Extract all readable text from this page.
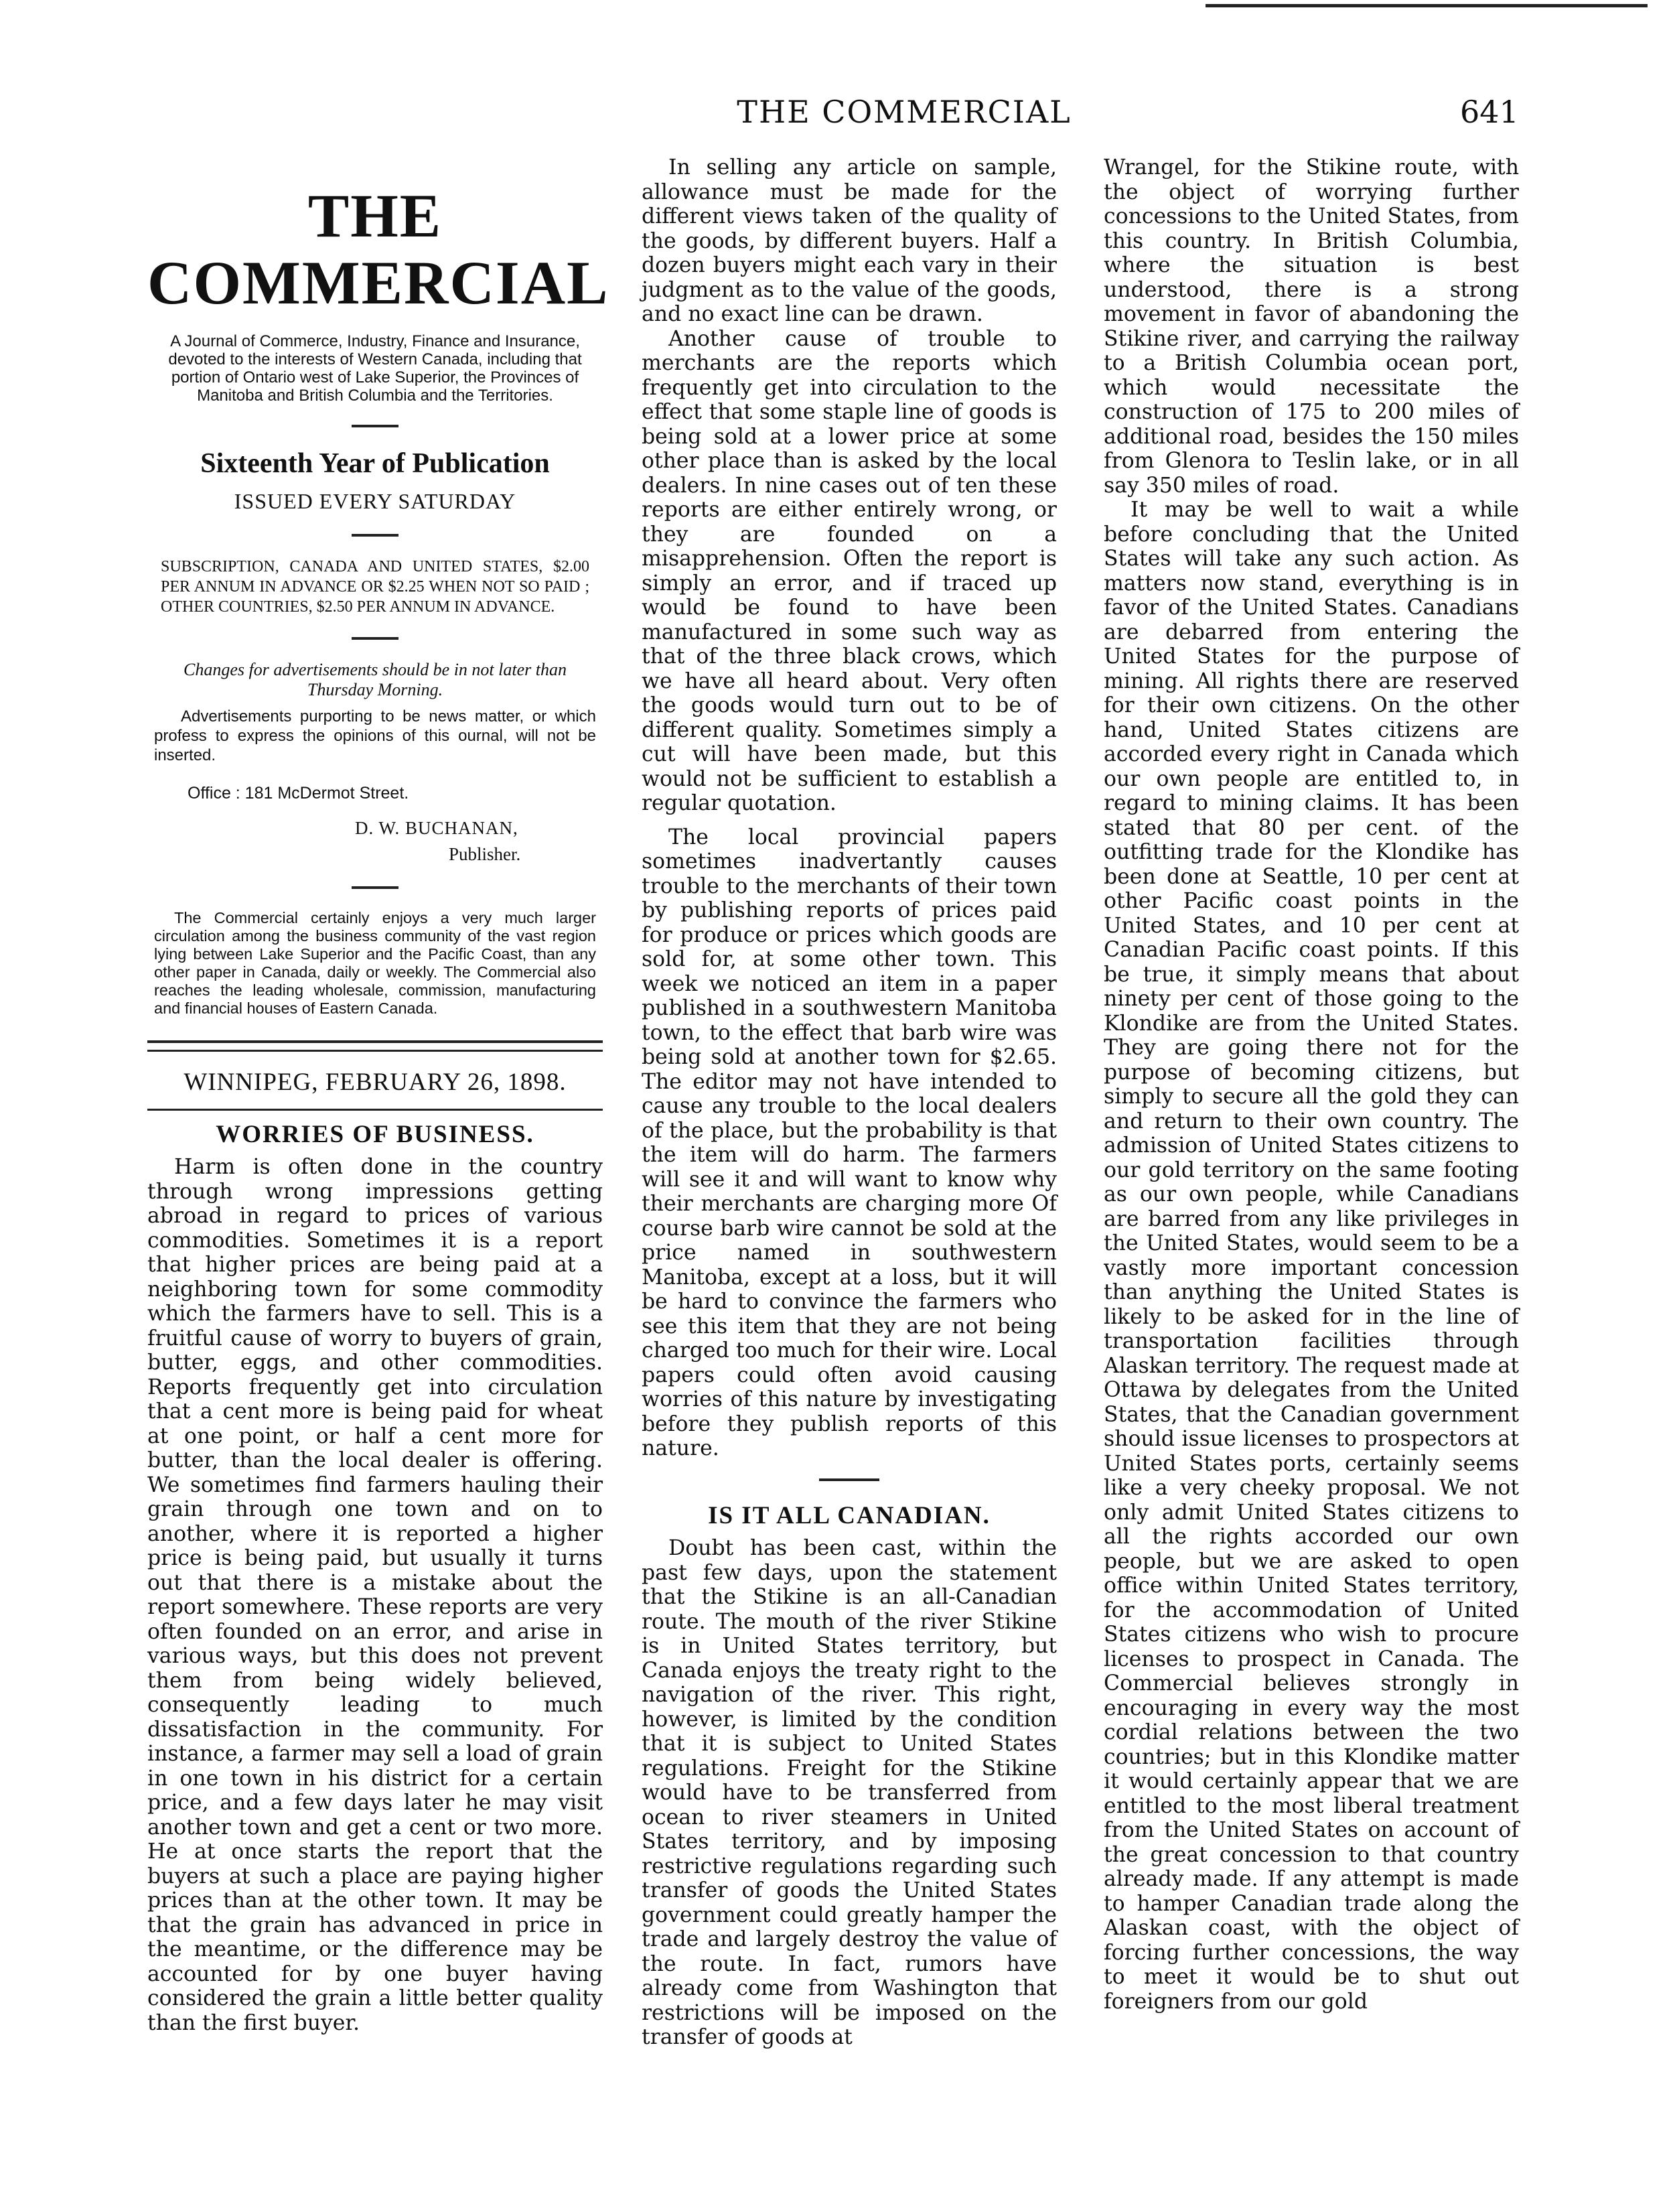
THE COMMERCIAL	641
THE COMMERCIAL
A Journal of Commerce, Industry, Finance and Insurance, devoted to the interests of Western Canada, including that portion of Ontario west of Lake Superior, the Provinces of Manitoba and British Columbia and the Territories.
Sixteenth Year of Publication
ISSUED EVERY SATURDAY
SUBSCRIPTION, CANADA AND UNITED STATES, $2.00 PER ANNUM IN ADVANCE OR $2.25 WHEN NOT SO PAID ; OTHER COUNTRIES, $2.50 PER ANNUM IN ADVANCE.
Changes for advertisements should be in not later than Thursday Morning.
Advertisements purporting to be news matter, or which profess to express the opinions of this ournal, will not be inserted.
Office : 181 McDermot Street.
D. W. BUCHANAN,
Publisher.
The Commercial certainly enjoys a very much larger circulation among the business community of the vast region lying between Lake Superior and the Pacific Coast, than any other paper in Canada, daily or weekly. The Commercial also reaches the leading wholesale, commission, manufacturing and financial houses of Eastern Canada.
WINNIPEG, FEBRUARY 26, 1898.
WORRIES OF BUSINESS.

Harm is often done in the country through wrong impressions getting abroad in regard to prices of various commodities. Sometimes it is a report that higher prices are being paid at a neighboring town for some commodity which the farmers have to sell. This is a fruitful cause of worry to buyers of grain, butter, eggs, and other commodities. Reports frequently get into circulation that a cent more is being paid for wheat at one point, or half a cent more for butter, than the local dealer is offering. We sometimes find farmers hauling their grain through one town and on to another, where it is reported a higher price is being paid, but usually it turns out that there is a mistake about the report somewhere. These reports are very often founded on an error, and arise in various ways, but this does not prevent them from being widely believed, consequently leading to much dissatisfaction in the community. For instance, a farmer may sell a load of grain in one town in his district for a certain price, and a few days later he may visit another town and get a cent or two more. He at once starts the report that the buyers at such a place are paying higher prices than at the other town. It may be that the grain has advanced in price in the meantime, or the difference may be accounted for by one buyer having considered the grain a little better quality than the first buyer.

In selling any article on sample, allowance must be made for the different views taken of the quality of the goods, by different buyers. Half a dozen buyers might each vary in their judgment as to the value of the goods, and no exact line can be drawn.

Another cause of trouble to merchants are the reports which frequently get into circulation to the effect that some staple line of goods is being sold at a lower price at some other place than is asked by the local dealers. In nine cases out of ten these reports are either entirely wrong, or they are founded on a misapprehension. Often the report is simply an error, and if traced up would be found to have been manufactured in some such way as that of the three black crows, which we have all heard about. Very often the goods would turn out to be of different quality. Sometimes simply a cut will have been made, but this would not be sufficient to establish a regular quotation.

The local provincial papers sometimes inadvertantly causes trouble to the merchants of their town by publishing reports of prices paid for produce or prices which goods are sold for, at some other town. This week we noticed an item in a paper published in a southwestern Manitoba town, to the effect that barb wire was being sold at another town for $2.65. The editor may not have intended to cause any trouble to the local dealers of the place, but the probability is that the item will do harm. The farmers will see it and will want to know why their merchants are charging more Of course barb wire cannot be sold at the price named in southwestern Manitoba, except at a loss, but it will be hard to convince the farmers who see this item that they are not being charged too much for their wire. Local papers could often avoid causing worries of this nature by investigating before they publish reports of this nature.

IS IT ALL CANADIAN.

Doubt has been cast, within the past few days, upon the statement that the Stikine is an all-Canadian route. The mouth of the river Stikine is in United States territory, but Canada enjoys the treaty right to the navigation of the river. This right, however, is limited by the condition that it is subject to United States regulations. Freight for the Stikine would have to be transferred from ocean to river steamers in United States territory, and by imposing restrictive regulations regarding such transfer of goods the United States government could greatly hamper the trade and largely destroy the value of the route. In fact, rumors have already come from Washington that restrictions will be imposed on the transfer of goods at

Wrangel, for the Stikine route, with the object of worrying further concessions to the United States, from this country. In British Columbia, where the situation is best understood, there is a strong movement in favor of abandoning the Stikine river, and carrying the railway to a British Columbia ocean port, which would necessitate the construction of 175 to 200 miles of additional road, besides the 150 miles from Glenora to Teslin lake, or in all say 350 miles of road.

It may be well to wait a while before concluding that the United States will take any such action. As matters now stand, everything is in favor of the United States. Canadians are debarred from entering the United States for the purpose of mining. All rights there are reserved for their own citizens. On the other hand, United States citizens are accorded every right in Canada which our own people are entitled to, in regard to mining claims. It has been stated that 80 per cent. of the outfitting trade for the Klondike has been done at Seattle, 10 per cent at other Pacific coast points in the United States, and 10 per cent at Canadian Pacific coast points. If this be true, it simply means that about ninety per cent of those going to the Klondike are from the United States. They are going there not for the purpose of becoming citizens, but simply to secure all the gold they can and return to their own country. The admission of United States citizens to our gold territory on the same footing as our own people, while Canadians are barred from any like privileges in the United States, would seem to be a vastly more important concession than anything the United States is likely to be asked for in the line of transportation facilities through Alaskan territory. The request made at Ottawa by delegates from the United States, that the Canadian government should issue licenses to prospectors at United States ports, certainly seems like a very cheeky proposal. We not only admit United States citizens to all the rights accorded our own people, but we are asked to open office within United States territory, for the accommodation of United States citizens who wish to procure licenses to prospect in Canada. The Commercial believes strongly in encouraging in every way the most cordial relations between the two countries; but in this Klondike matter it would certainly appear that we are entitled to the most liberal treatment from the United States on account of the great concession to that country already made. If any attempt is made to hamper Canadian trade along the Alaskan coast, with the object of forcing further concessions, the way to meet it would be to shut out foreigners from our gold
